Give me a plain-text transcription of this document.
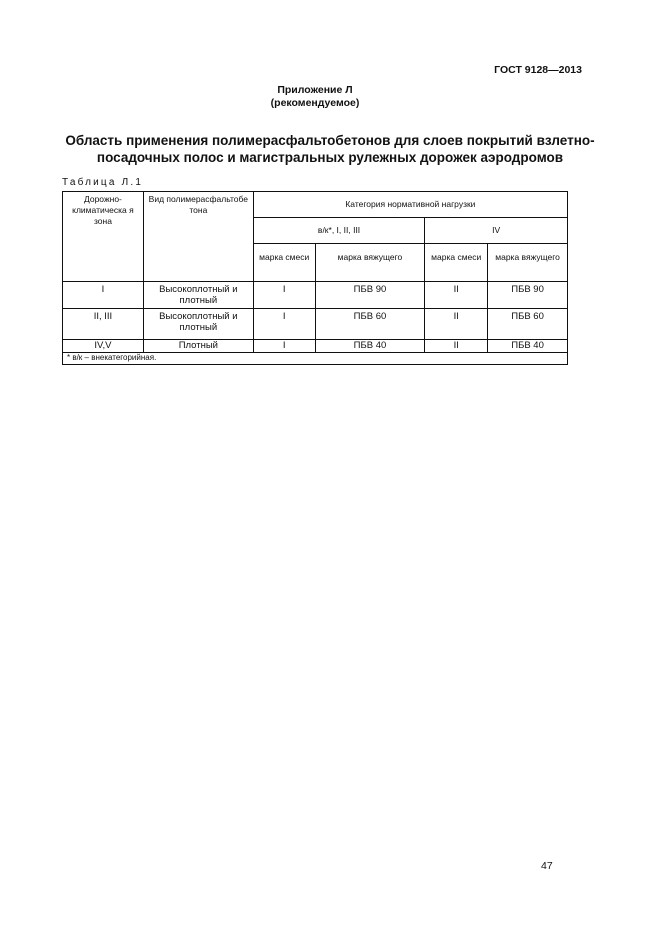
ГОСТ 9128—2013
Приложение Л
(рекомендуемое)
Область применения полимерасфальтобетонов для слоев покрытий взлетно-посадочных полос и магистральных рулежных дорожек аэродромов
Таблица Л.1
Дорожно-климатическа я зона	Вид полимерасфальтобе тона	Категория нормативной нагрузки			
		в/к*, I, II, III		IV	
		марка смеси	марка вяжущего	марка смеси	марка вяжущего
I	Высокоплотный и плотный	I	ПБВ 90	II	ПБВ 90
II, III	Высокоплотный и плотный	I	ПБВ 60	II	ПБВ 60
IV,V	Плотный	I	ПБВ 40	II	ПБВ 40
* в/к – внекатегорийная.					
47
